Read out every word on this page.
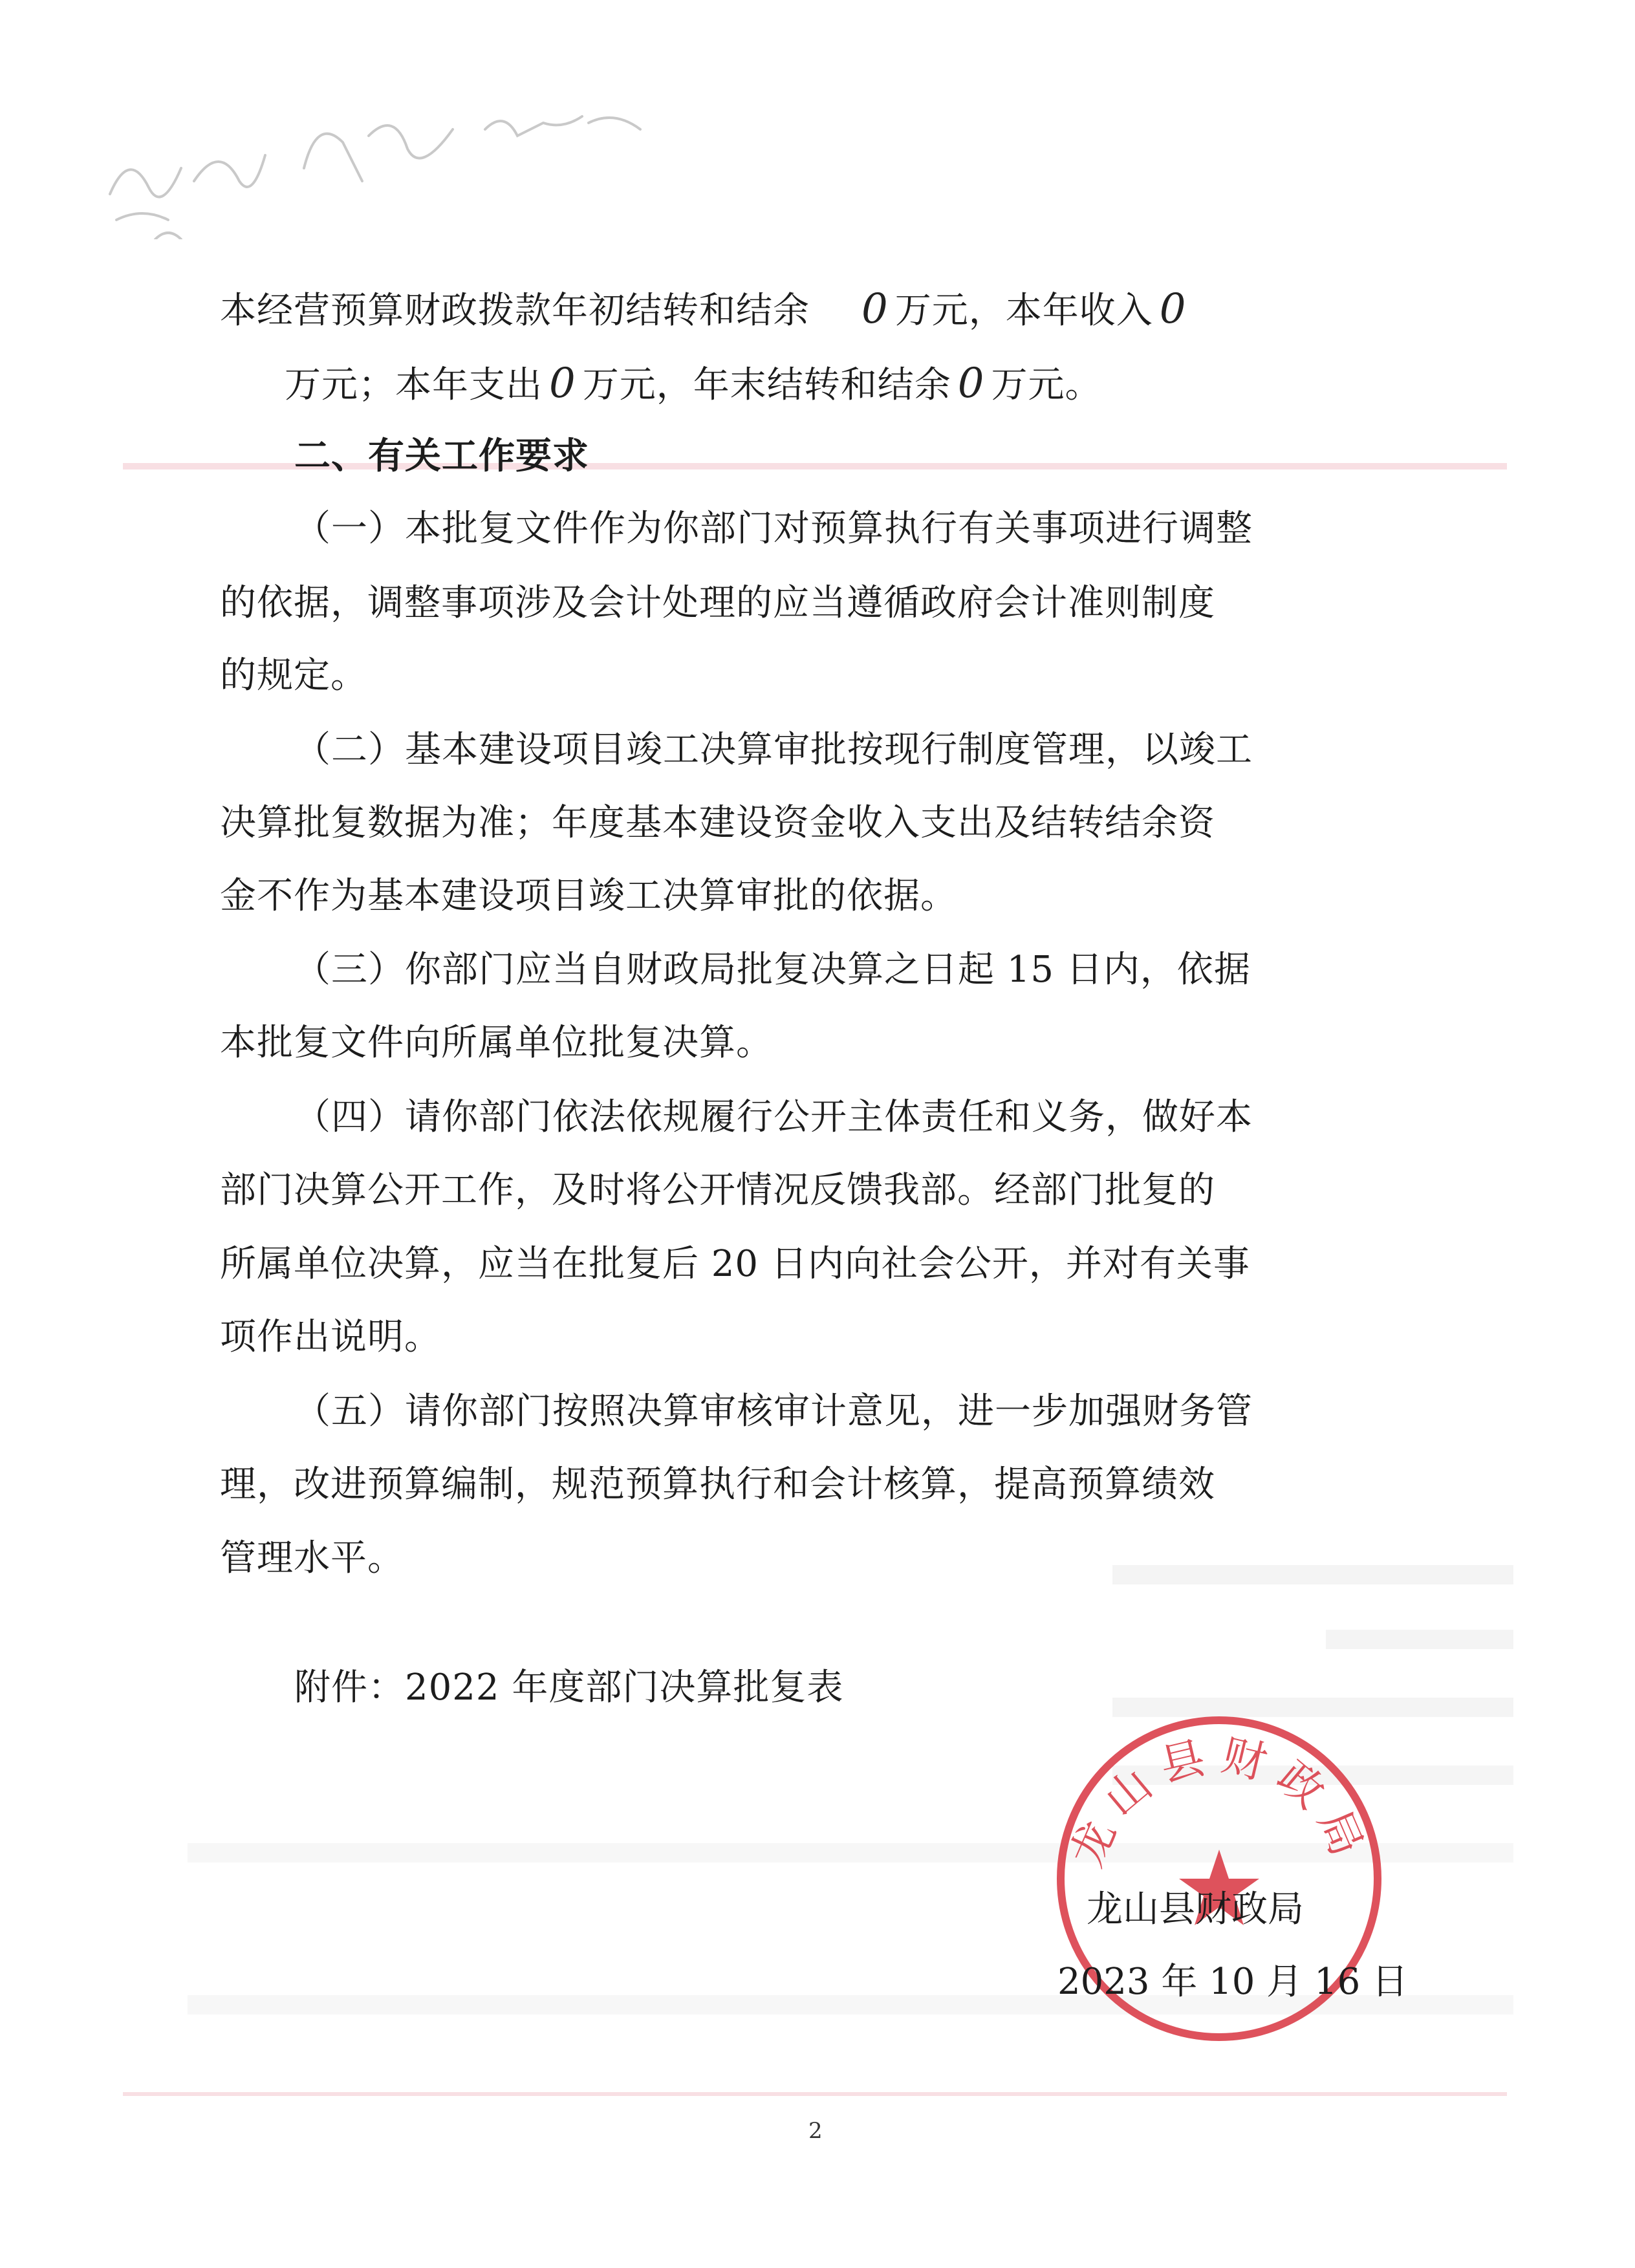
本经营预算财政拨款年初结转和结余 0 万元，本年收入 0
万元；本年支出 0 万元，年末结转和结余 0 万元。
二、有关工作要求
（一）本批复文件作为你部门对预算执行有关事项进行调整
的依据，调整事项涉及会计处理的应当遵循政府会计准则制度
的规定。
（二）基本建设项目竣工决算审批按现行制度管理，以竣工
决算批复数据为准；年度基本建设资金收入支出及结转结余资
金不作为基本建设项目竣工决算审批的依据。
（三）你部门应当自财政局批复决算之日起 15 日内，依据
本批复文件向所属单位批复决算。
（四）请你部门依法依规履行公开主体责任和义务，做好本
部门决算公开工作，及时将公开情况反馈我部。经部门批复的
所属单位决算，应当在批复后 20 日内向社会公开，并对有关事
项作出说明。
（五）请你部门按照决算审核审计意见，进一步加强财务管
理，改进预算编制，规范预算执行和会计核算，提高预算绩效
管理水平。
附件：2022 年度部门决算批复表
龙山县财政局
龙山县财政局
2023 年 10 月 16 日
2
